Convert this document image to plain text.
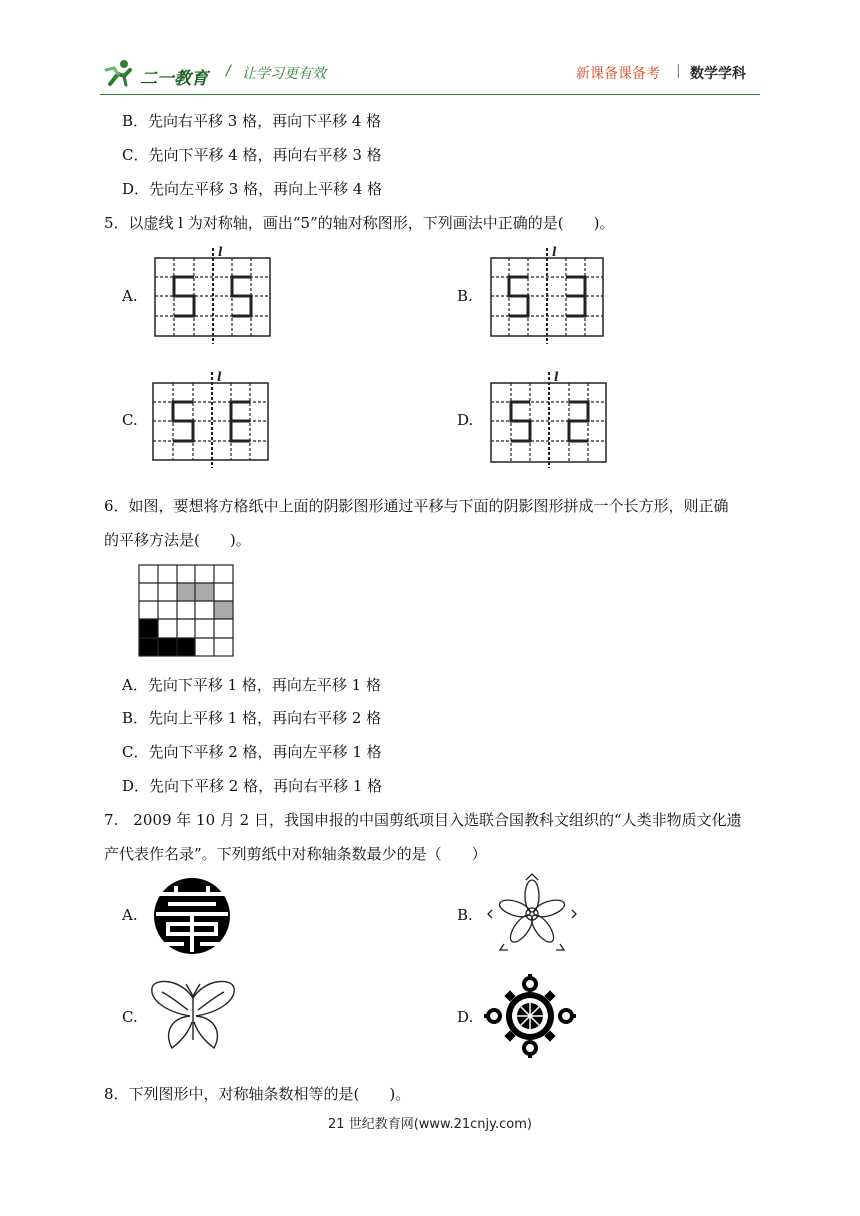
二一教育 / 让学习更有效	新课备课备考 | 数学学科
B．先向右平移 3 格，再向下平移 4 格
C．先向下平移 4 格，再向右平移 3 格
D．先向左平移 3 格，再向上平移 4 格
5．以虚线 l 为对称轴，画出“5”的轴对称图形，下列画法中正确的是(　　)。
A.
l
B.
l
C.
l
D.
l
6．如图，要想将方格纸中上面的阴影图形通过平移与下面的阴影图形拼成一个长方形，则正确
的平移方法是(　　)。
A．先向下平移 1 格，再向左平移 1 格
B．先向上平移 1 格，再向右平移 2 格
C．先向下平移 2 格，再向左平移 1 格
D．先向下平移 2 格，再向右平移 1 格
7.　2009 年 10 月 2 日，我国申报的中国剪纸项目入选联合国教科文组织的“人类非物质文化遗
产代表作名录”。下列剪纸中对称轴条数最少的是（　　）
A.	B.
C.	D.
8．下列图形中，对称轴条数相等的是(　　)。
21 世纪教育网(www.21cnjy.com)
